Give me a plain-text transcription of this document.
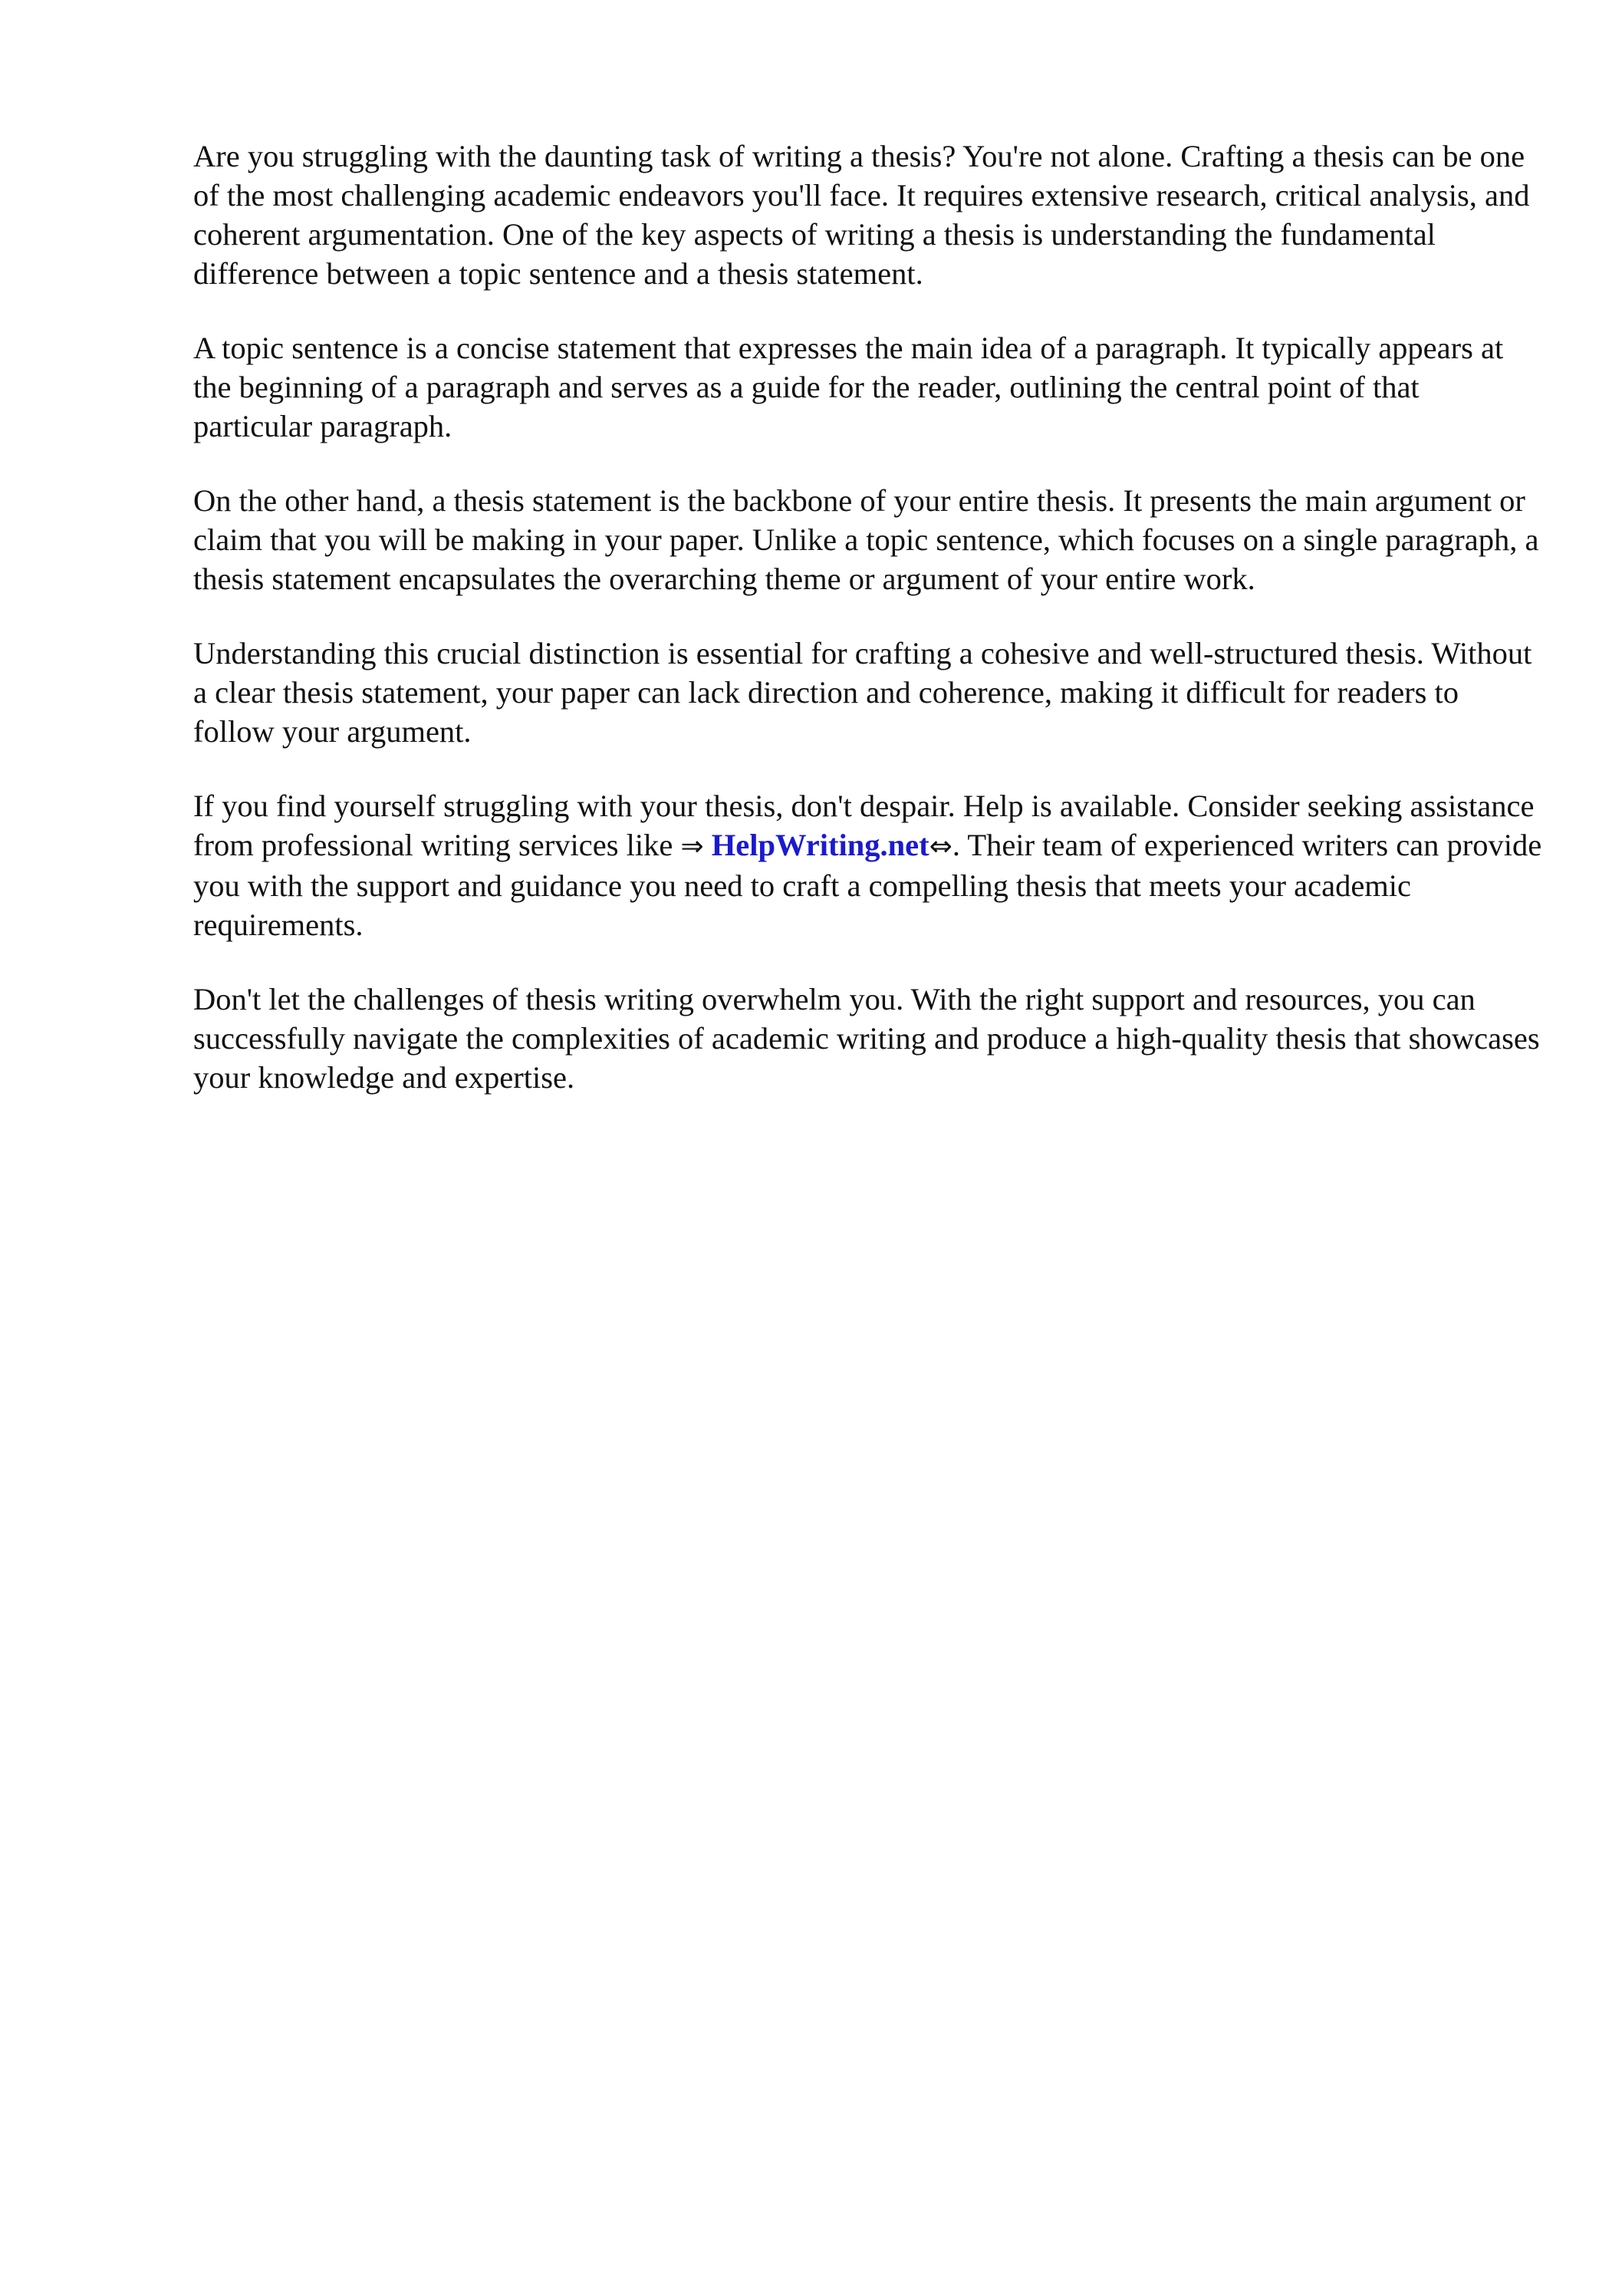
Are you struggling with the daunting task of writing a thesis? You're not alone. Crafting a thesis can be one of the most challenging academic endeavors you'll face. It requires extensive research, critical analysis, and coherent argumentation. One of the key aspects of writing a thesis is understanding the fundamental difference between a topic sentence and a thesis statement.

A topic sentence is a concise statement that expresses the main idea of a paragraph. It typically appears at the beginning of a paragraph and serves as a guide for the reader, outlining the central point of that particular paragraph.

On the other hand, a thesis statement is the backbone of your entire thesis. It presents the main argument or claim that you will be making in your paper. Unlike a topic sentence, which focuses on a single paragraph, a thesis statement encapsulates the overarching theme or argument of your entire work.

Understanding this crucial distinction is essential for crafting a cohesive and well-structured thesis. Without a clear thesis statement, your paper can lack direction and coherence, making it difficult for readers to follow your argument.

If you find yourself struggling with your thesis, don't despair. Help is available. Consider seeking assistance from professional writing services like ⇒ HelpWriting.net⇔. Their team of experienced writers can provide you with the support and guidance you need to craft a compelling thesis that meets your academic requirements.

Don't let the challenges of thesis writing overwhelm you. With the right support and resources, you can successfully navigate the complexities of academic writing and produce a high-quality thesis that showcases your knowledge and expertise.
